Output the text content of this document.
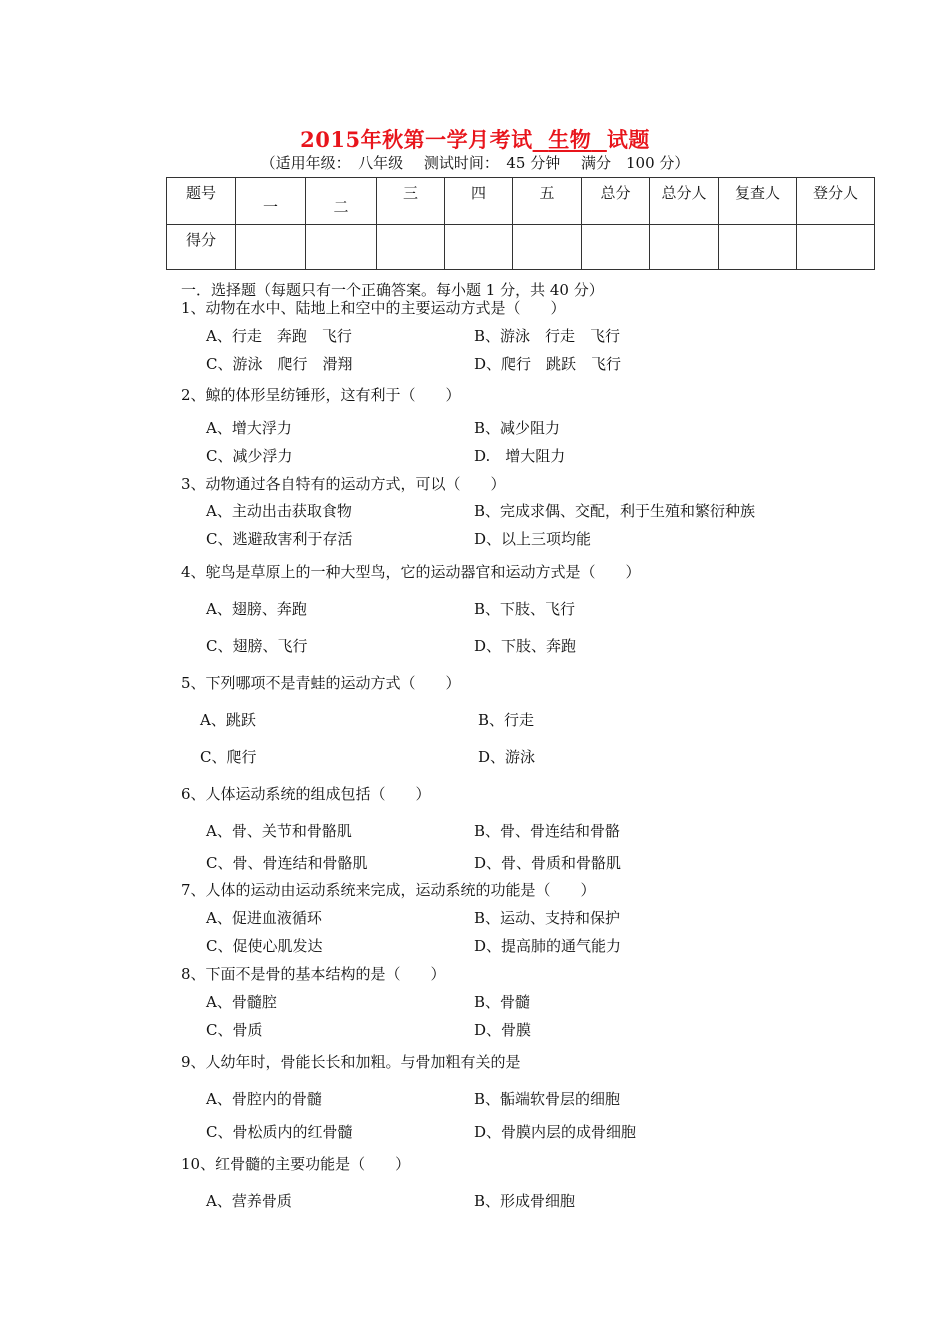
2015年秋第一学月考试 生物 试题
（适用年级：　八年级 测试时间：　45 分钟 满分　100 分）
题号	一	二	三	四	五	总分	总分人	复查人	登分人
得分									
一．选择题（每题只有一个正确答案。每小题 1 分，共 40 分）
1、动物在水中、陆地上和空中的主要运动方式是（　　）
A、行走　奔跑　飞行	B、游泳　行走　飞行
C、游泳　爬行　滑翔	D、爬行　跳跃　飞行
2、鲸的体形呈纺锤形，这有利于（　　）
A、增大浮力	B、减少阻力
C、减少浮力	D.　增大阻力
3、动物通过各自特有的运动方式，可以（　　）
A、主动出击获取食物	B、完成求偶、交配，利于生殖和繁衍种族
C、逃避敌害利于存活	D、以上三项均能
4、鸵鸟是草原上的一种大型鸟，它的运动器官和运动方式是（　　）
A、翅膀、奔跑	B、下肢、飞行
C、翅膀、飞行	D、下肢、奔跑
5、下列哪项不是青蛙的运动方式（　　）
A、跳跃	B、行走
C、爬行	D、游泳
6、人体运动系统的组成包括（　　）
A、骨、关节和骨骼肌	B、骨、骨连结和骨骼
C、骨、骨连结和骨骼肌	D、骨、骨质和骨骼肌
7、人体的运动由运动系统来完成，运动系统的功能是（　　）
A、促进血液循环	B、运动、支持和保护
C、促使心肌发达	D、提高肺的通气能力
8、下面不是骨的基本结构的是（　　）
A、骨髓腔	B、骨髓
C、骨质	D、骨膜
9、人幼年时，骨能长长和加粗。与骨加粗有关的是
A、骨腔内的骨髓	B、骺端软骨层的细胞
C、骨松质内的红骨髓	D、骨膜内层的成骨细胞
10、红骨髓的主要功能是（　　）
A、营养骨质	B、形成骨细胞
